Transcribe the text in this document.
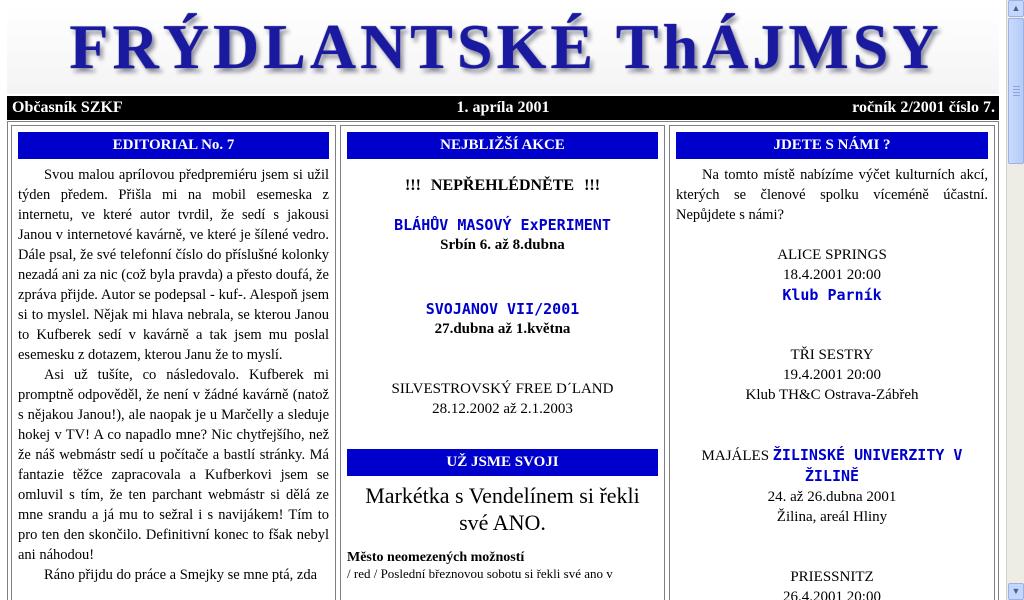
FRÝDLANTSKÉ ThÁJMSY
Občasník SZKF	1. apríla 2001	ročník 2/2001 číslo 7.
EDITORIAL No. 7

Svou malou aprílovou předpremiéru jsem si užil týden předem. Přišla mi na mobil esemeska z internetu, ve které autor tvrdil, že sedí s jakousi Janou v internetové kavárně, ve které je šílené vedro. Dále psal, že své telefonní číslo do příslušné kolonky nezadá ani za nic (což byla pravda) a přesto doufá, že zpráva přijde. Autor se podepsal - kuf-. Alespoň jsem si to myslel. Nějak mi hlava nebrala, se kterou Janou to Kufberek sedí v kavárně a tak jsem mu poslal esemesku z dotazem, kterou Janu že to myslí.

Asi už tušíte, co následovalo. Kufberek mi promptně odpověděl, že není v žádné kavárně (natož s nějakou Janou!), ale naopak je u Marčelly a sleduje hokej v TV! A co napadlo mne? Nic chytřejšího, než že náš webmástr sedí u počítače a bastlí stránky. Má fantazie těžce zapracovala a Kufberkovi jsem se omluvil s tím, že ten parchant webmástr si dělá ze mne srandu a já mu to sežral i s navijákem! Tím to pro ten den skončilo. Definitivní konec to fšak nebyl ani náhodou!

Ráno přijdu do práce a Smejky se mne ptá, zda

NEJBLIŽŠÍ AKCE
!!! NEPŘEHLÉDNĚTE !!!
BLÁHŮV MASOVÝ ExPERIMENT
Srbín 6. až 8.dubna
SVOJANOV VII/2001
27.dubna až 1.května
SILVESTROVSKÝ FREE D´LAND
28.12.2002 až 2.1.2003
UŽ JSME SVOJI
Markétka s Vendelínem si řekli své ANO.
Město neomezených možností
/ red / Poslední březnovou sobotu si řekli své ano v
JDETE S NÁMI ?

Na tomto místě nabízíme výčet kulturních akcí, kterých se členové spolku víceméně účastní. Nepůjdete s námi?

ALICE SPRINGS
18.4.2001 20:00
Klub Parník
TŘI SESTRY
19.4.2001 20:00
Klub TH&C Ostrava-Zábřeh
MAJÁLES ŽILINSKÉ UNIVERZITY V ŽILINĚ
24. až 26.dubna 2001
Žilina, areál Hliny
PRIESSNITZ
26.4.2001 20:00
▲
▼
